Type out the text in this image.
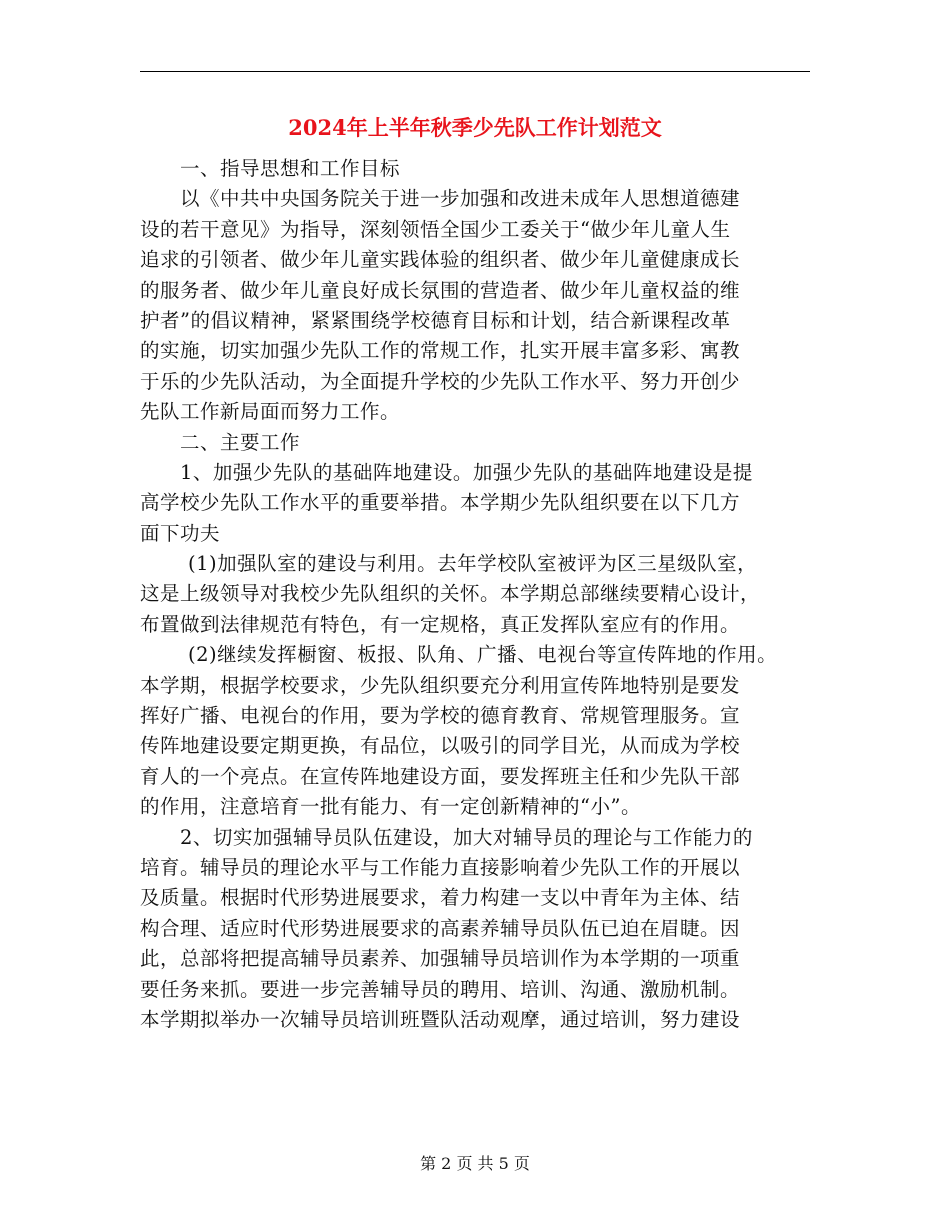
2024年上半年秋季少先队工作计划范文
一、指导思想和工作目标
以《中共中央国务院关于进一步加强和改进未成年人思想道德建
设的若干意见》为指导，深刻领悟全国少工委关于“做少年儿童人生
追求的引领者、做少年儿童实践体验的组织者、做少年儿童健康成长
的服务者、做少年儿童良好成长氛围的营造者、做少年儿童权益的维
护者”的倡议精神，紧紧围绕学校德育目标和计划，结合新课程改革
的实施，切实加强少先队工作的常规工作，扎实开展丰富多彩、寓教
于乐的少先队活动，为全面提升学校的少先队工作水平、努力开创少
先队工作新局面而努力工作。
二、主要工作
1、加强少先队的基础阵地建设。加强少先队的基础阵地建设是提
高学校少先队工作水平的重要举措。本学期少先队组织要在以下几方
面下功夫
(1)加强队室的建设与利用。去年学校队室被评为区三星级队室，
这是上级领导对我校少先队组织的关怀。本学期总部继续要精心设计，
布置做到法律规范有特色，有一定规格，真正发挥队室应有的作用。
(2)继续发挥橱窗、板报、队角、广播、电视台等宣传阵地的作用。
本学期，根据学校要求，少先队组织要充分利用宣传阵地特别是要发
挥好广播、电视台的作用，要为学校的德育教育、常规管理服务。宣
传阵地建设要定期更换，有品位，以吸引的同学目光，从而成为学校
育人的一个亮点。在宣传阵地建设方面，要发挥班主任和少先队干部
的作用，注意培育一批有能力、有一定创新精神的“小”。
2、切实加强辅导员队伍建设，加大对辅导员的理论与工作能力的
培育。辅导员的理论水平与工作能力直接影响着少先队工作的开展以
及质量。根据时代形势进展要求，着力构建一支以中青年为主体、结
构合理、适应时代形势进展要求的高素养辅导员队伍已迫在眉睫。因
此，总部将把提高辅导员素养、加强辅导员培训作为本学期的一项重
要任务来抓。要进一步完善辅导员的聘用、培训、沟通、激励机制。
本学期拟举办一次辅导员培训班暨队活动观摩，通过培训，努力建设
第 2 页 共 5 页
